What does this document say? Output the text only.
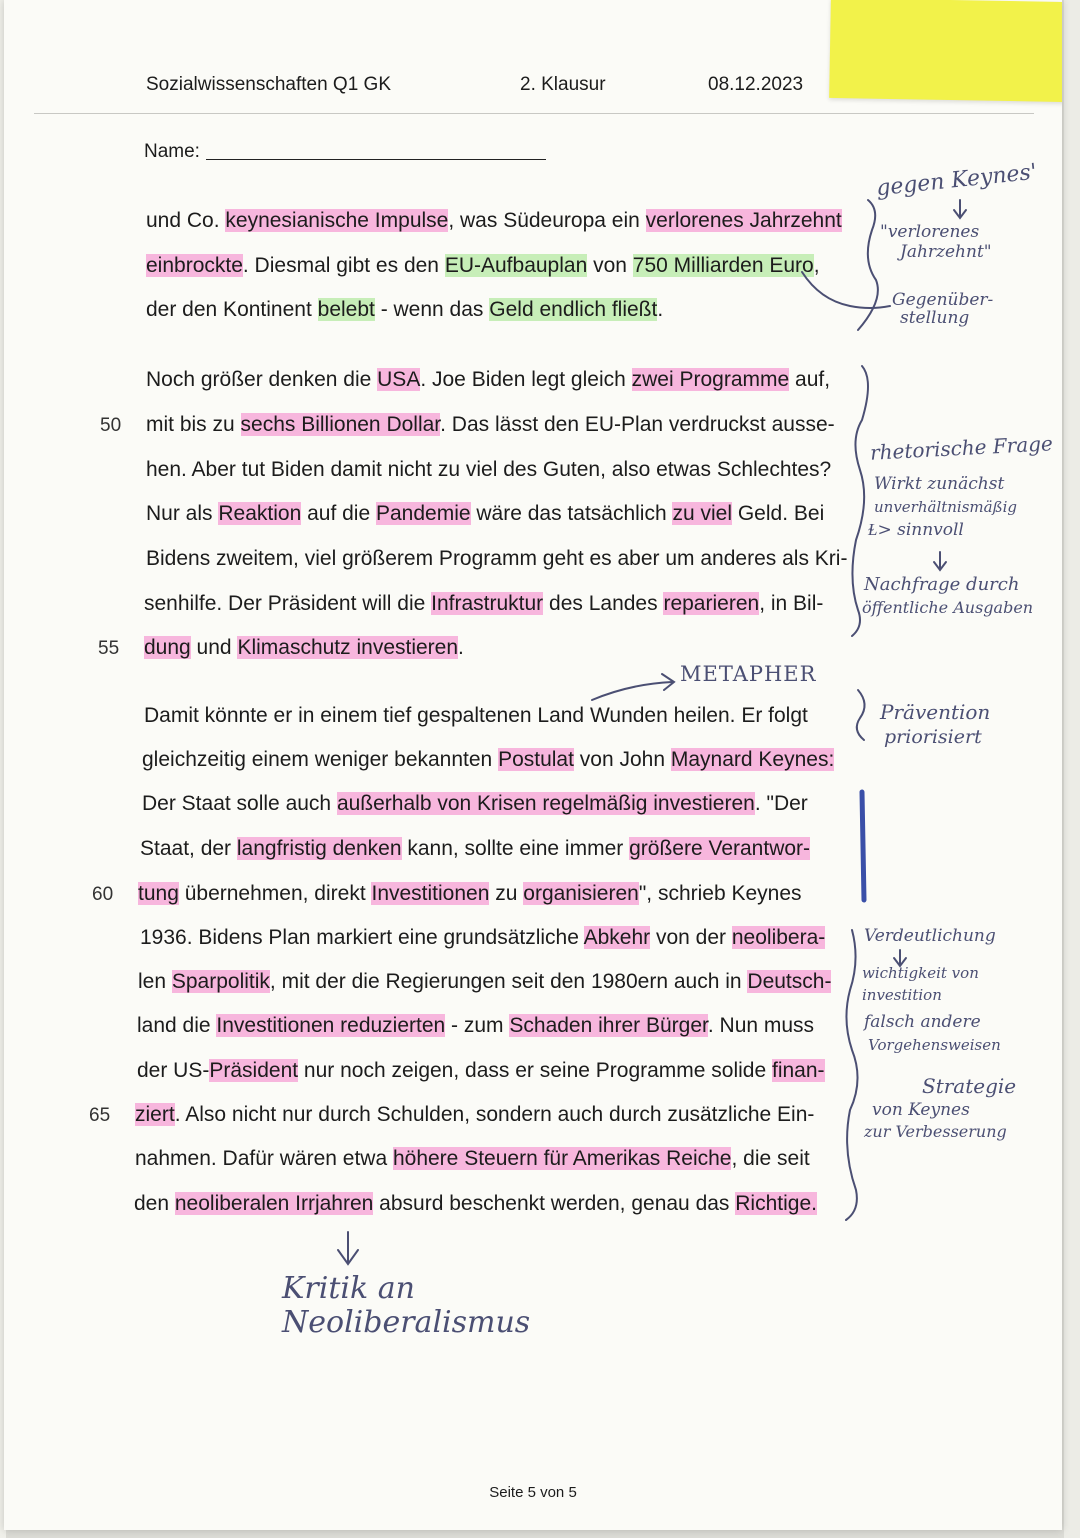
Sozialwissenschaften Q1 GK	2. Klausur	08.12.2023
Name:
und Co. keynesianische Impulse, was Südeuropa ein verlorenes Jahrzehnt
einbrockte. Diesmal gibt es den EU-Aufbauplan von 750 Milliarden Euro,
der den Kontinent belebt - wenn das Geld endlich fließt.
Noch größer denken die USA. Joe Biden legt gleich zwei Programme auf,
mit bis zu sechs Billionen Dollar. Das lässt den EU-Plan verdruckst ausse-
50
hen. Aber tut Biden damit nicht zu viel des Guten, also etwas Schlechtes?
Nur als Reaktion auf die Pandemie wäre das tatsächlich zu viel Geld. Bei
Bidens zweitem, viel größerem Programm geht es aber um anderes als Kri-
senhilfe. Der Präsident will die Infrastruktur des Landes reparieren, in Bil-
dung und Klimaschutz investieren.
55
Damit könnte er in einem tief gespaltenen Land Wunden heilen. Er folgt
gleichzeitig einem weniger bekannten Postulat von John Maynard Keynes:
Der Staat solle auch außerhalb von Krisen regelmäßig investieren. "Der
Staat, der langfristig denken kann, sollte eine immer größere Verantwor-
tung übernehmen, direkt Investitionen zu organisieren", schrieb Keynes
60
1936. Bidens Plan markiert eine grundsätzliche Abkehr von der neolibera-
len Sparpolitik, mit der die Regierungen seit den 1980ern auch in Deutsch-
land die Investitionen reduzierten - zum Schaden ihrer Bürger. Nun muss
der US-Präsident nur noch zeigen, dass er seine Programme solide finan-
ziert. Also nicht nur durch Schulden, sondern auch durch zusätzliche Ein-
65
nahmen. Dafür wären etwa höhere Steuern für Amerikas Reiche, die seit
den neoliberalen Irrjahren absurd beschenkt werden, genau das Richtige.
gegen Keynes'
"verlorenes
Jahrzehnt"
Gegenüber-
stellung
rhetorische Frage
Wirkt zunächst
unverhältnismäßig
Ɫ> sinnvoll
Nachfrage durch
öffentliche Ausgaben
METAPHER
Prävention
priorisiert
Verdeutlichung
wichtigkeit von
investition
falsch andere
Vorgehensweisen
Strategie
von Keynes
zur Verbesserung
Kritik an
Neoliberalismus
Seite 5 von 5
